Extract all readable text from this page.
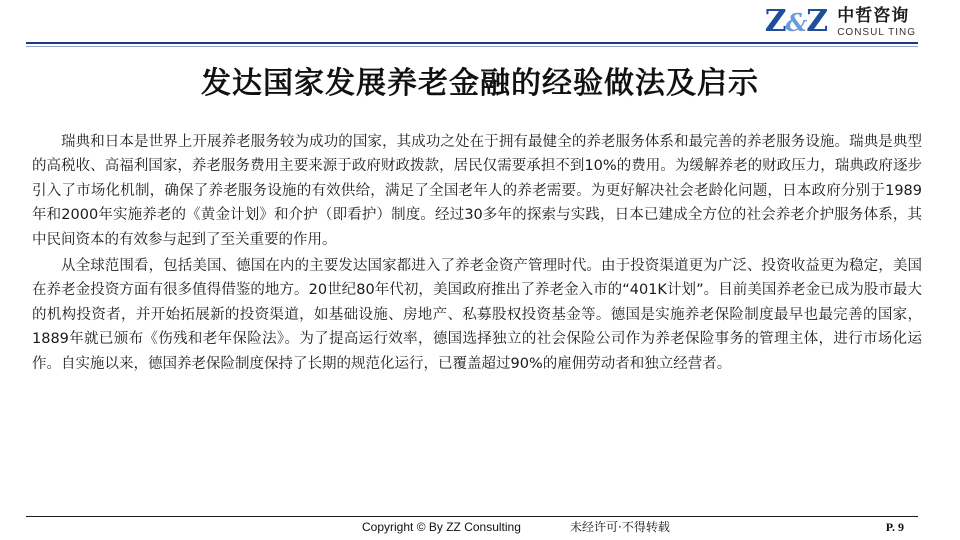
Z&Z 中哲咨询
CONSUL TING
发达国家发展养老金融的经验做法及启示

瑞典和日本是世界上开展养老服务较为成功的国家，其成功之处在于拥有最健全的养老服务体系和最完善的养老服务设施。瑞典是典型的高税收、高福利国家，养老服务费用主要来源于政府财政拨款，居民仅需要承担不到10%的费用。为缓解养老的财政压力，瑞典政府逐步引入了市场化机制，确保了养老服务设施的有效供给，满足了全国老年人的养老需要。为更好解决社会老龄化问题，日本政府分别于1989年和2000年实施养老的《黄金计划》和介护（即看护）制度。经过30多年的探索与实践，日本已建成全方位的社会养老介护服务体系，其中民间资本的有效参与起到了至关重要的作用。

从全球范围看，包括美国、德国在内的主要发达国家都进入了养老金资产管理时代。由于投资渠道更为广泛、投资收益更为稳定，美国在养老金投资方面有很多值得借鉴的地方。20世纪80年代初，美国政府推出了养老金入市的“401K计划”。目前美国养老金已成为股市最大的机构投资者，并开始拓展新的投资渠道，如基础设施、房地产、私募股权投资基金等。德国是实施养老保险制度最早也最完善的国家，1889年就已颁布《伤残和老年保险法》。为了提高运行效率，德国选择独立的社会保险公司作为养老保险事务的管理主体，进行市场化运作。自实施以来，德国养老保险制度保持了长期的规范化运行，已覆盖超过90%的雇佣劳动者和独立经营者。

Copyright © By ZZ Consulting	未经许可·不得转载	P. 9
